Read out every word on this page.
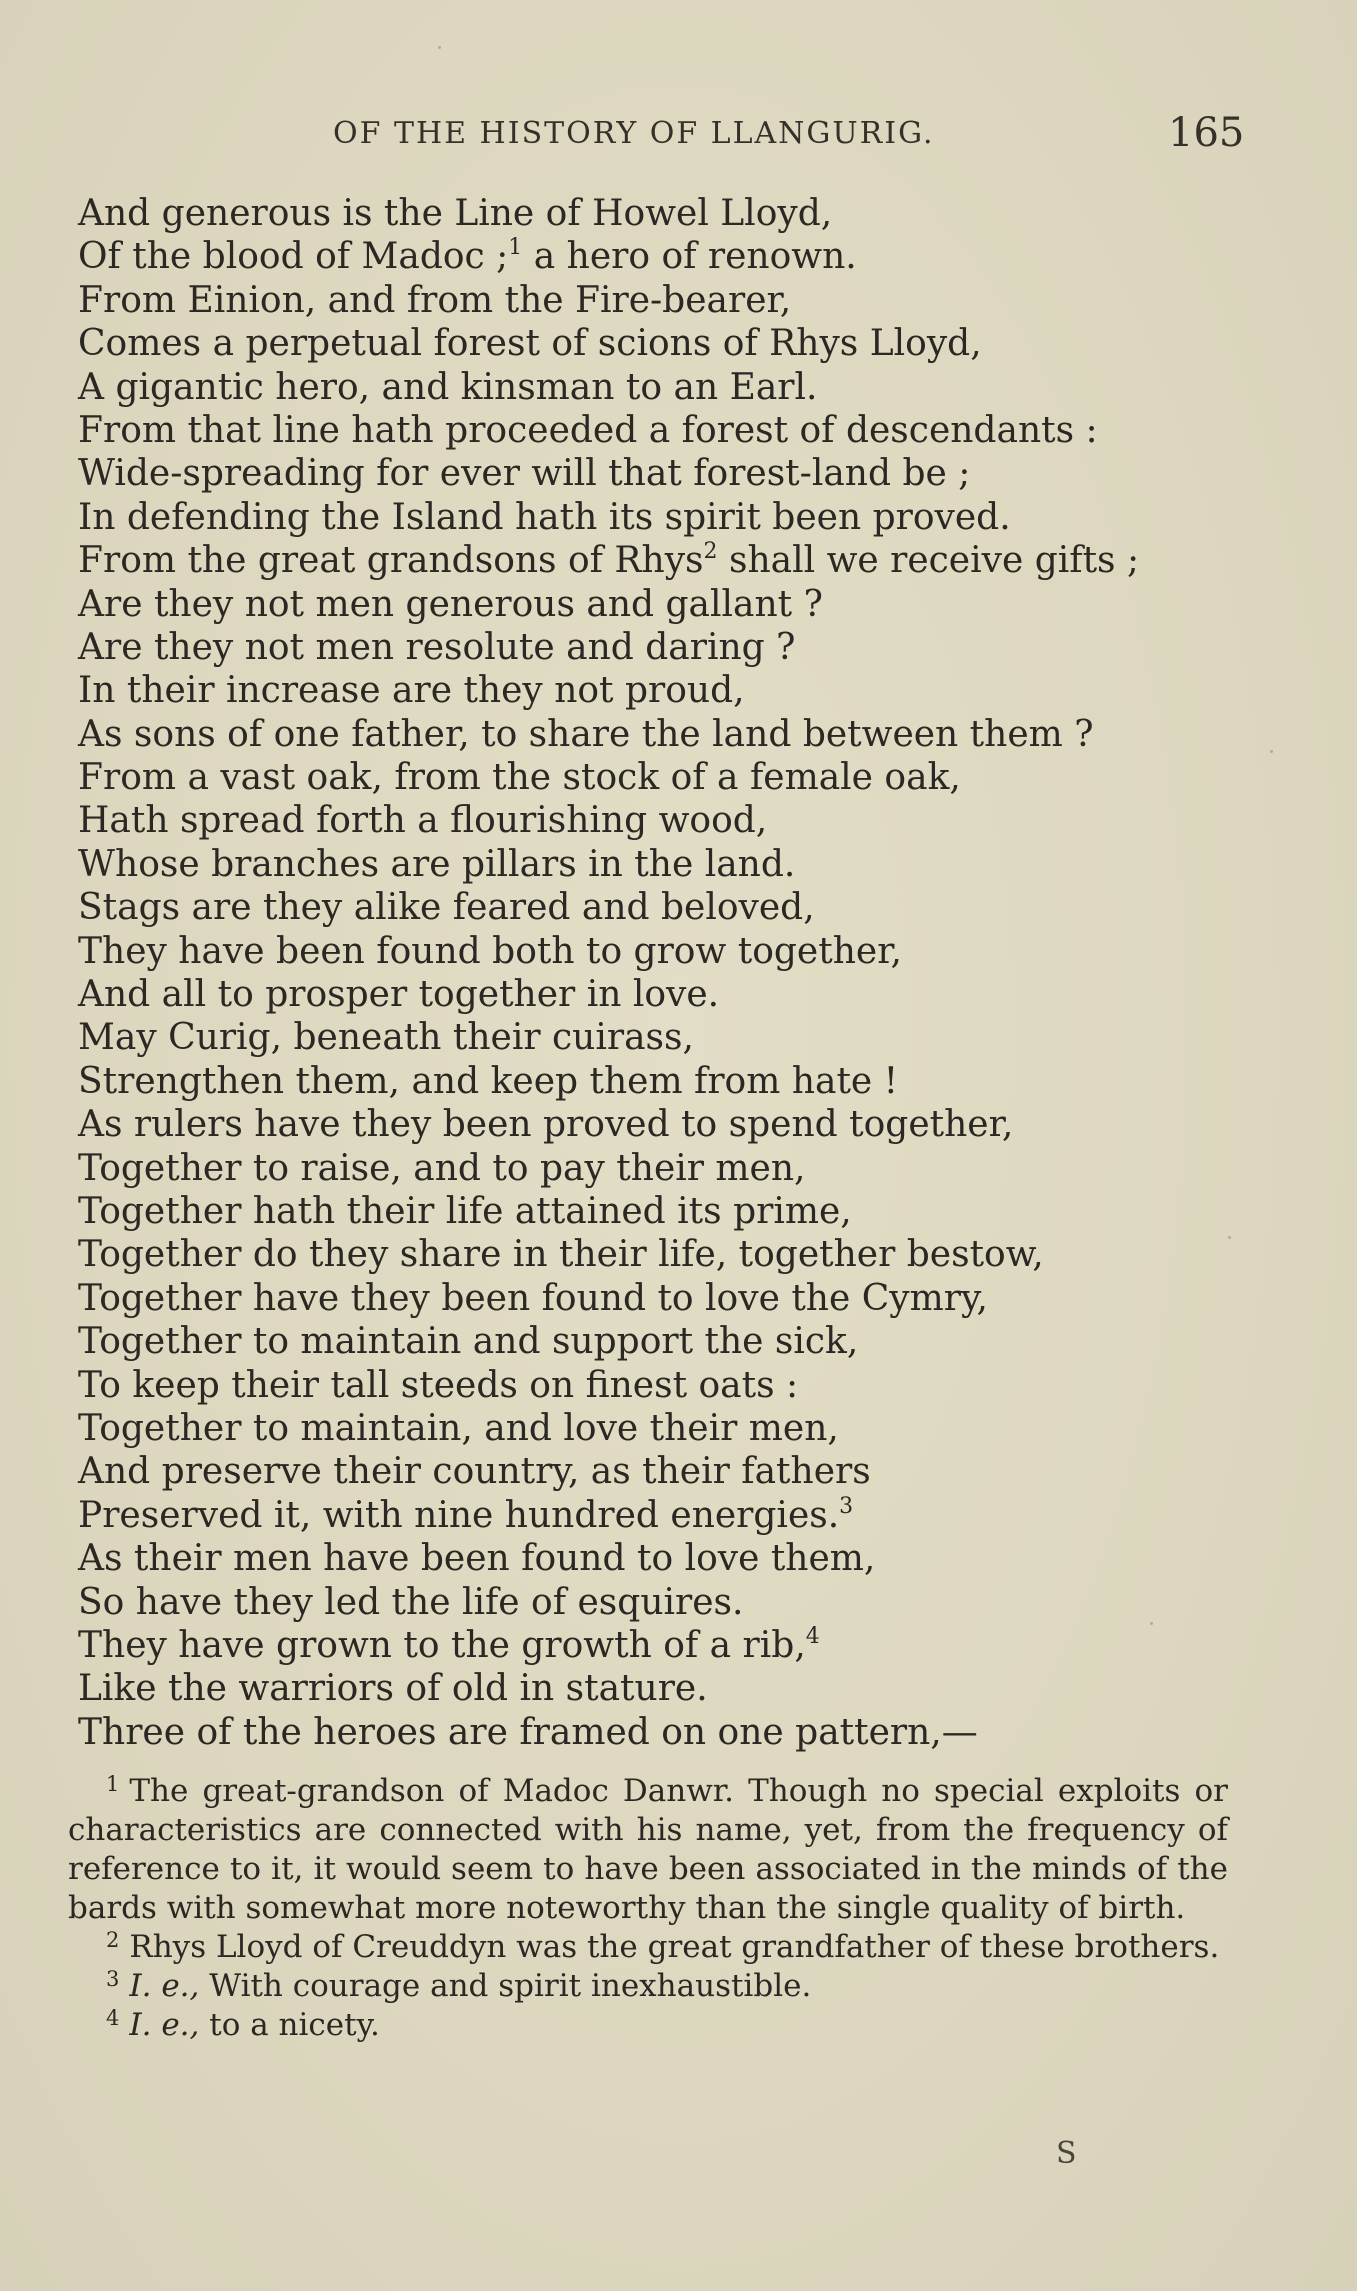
OF THE HISTORY OF LLANGURIG.	165
And generous is the Line of Howel Lloyd,
Of the blood of Madoc ;$^1$ a hero of renown.
From Einion, and from the Fire-bearer,
Comes a perpetual forest of scions of Rhys Lloyd,
A gigantic hero, and kinsman to an Earl.
From that line hath proceeded a forest of descendants :
Wide-spreading for ever will that forest-land be ;
In defending the Island hath its spirit been proved.
From the great grandsons of Rhys$^2$ shall we receive gifts ;
Are they not men generous and gallant ?
Are they not men resolute and daring ?
In their increase are they not proud,
As sons of one father, to share the land between them ?
From a vast oak, from the stock of a female oak,
Hath spread forth a flourishing wood,
Whose branches are pillars in the land.
Stags are they alike feared and beloved,
They have been found both to grow together,
And all to prosper together in love.
May Curig, beneath their cuirass,
Strengthen them, and keep them from hate !
As rulers have they been proved to spend together,
Together to raise, and to pay their men,
Together hath their life attained its prime,
Together do they share in their life, together bestow,
Together have they been found to love the Cymry,
Together to maintain and support the sick,
To keep their tall steeds on finest oats :
Together to maintain, and love their men,
And preserve their country, as their fathers
Preserved it, with nine hundred energies.$^3$
As their men have been found to love them,
So have they led the life of esquires.
They have grown to the growth of a rib,$^4$
Like the warriors of old in stature.
Three of the heroes are framed on one pattern,—
$^1$ The great-grandson of Madoc Danwr. Though no special exploits or characteristics are connected with his name, yet, from the frequency of reference to it, it would seem to have been associated in the minds of the bards with somewhat more noteworthy than the single quality of birth.
$^2$ Rhys Lloyd of Creuddyn was the great grandfather of these brothers.
$^3$ I. e., With courage and spirit inexhaustible.
$^4$ I. e., to a nicety.
S
